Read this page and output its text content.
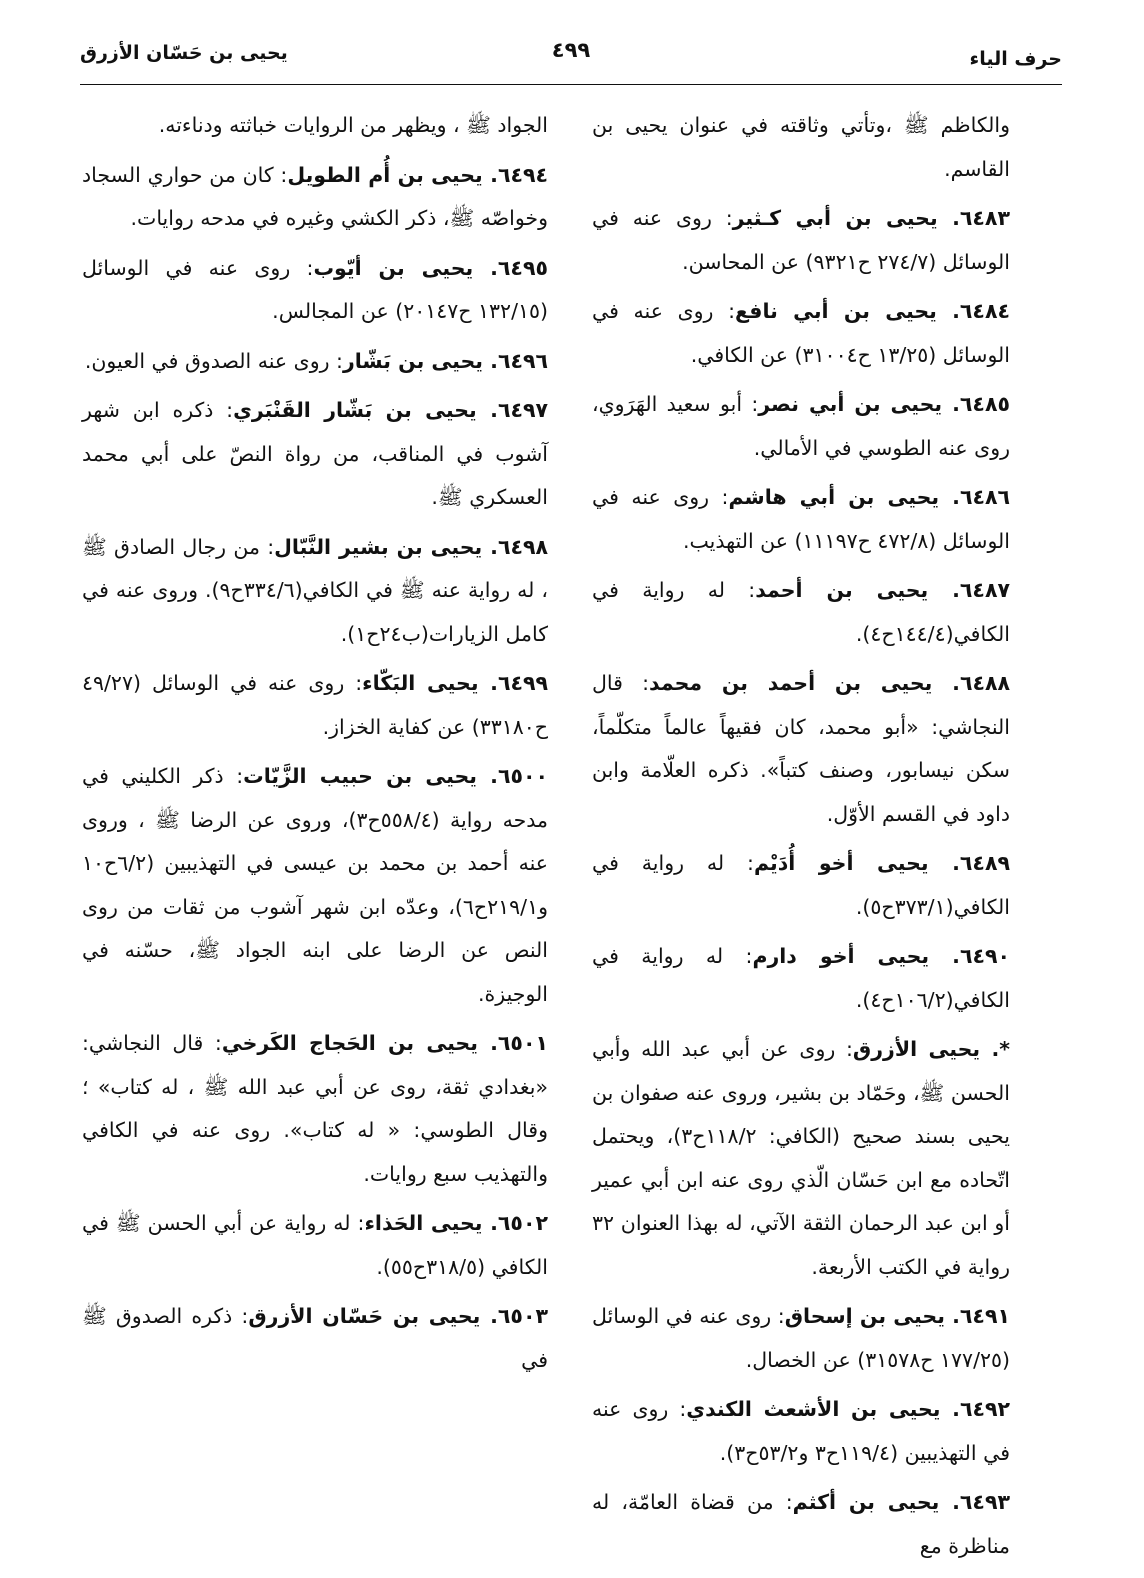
حرف الياء
٤٩٩
يحيى بن حَسّان الأزرق

والكاظم ﷺ ،وتأتي وثاقته في عنوان يحيى بن القاسم.

٦٤٨٣. يحيى بن أبي كـثير: روى عنه في الوسائل (٢٧٤/٧ ح٩٣٢١) عن المحاسن.

٦٤٨٤. يحيى بن أبي نافع: روى عنه في الوسائل (١٣/٢٥ ح٣١٠٠٤) عن الكافي.

٦٤٨٥. يحيى بن أبي نصر: أبو سعيد الهَرَوي، روى عنه الطوسي في الأمالي.

٦٤٨٦. يحيى بن أبي هاشم: روى عنه في الوسائل (٤٧٢/٨ ح١١١٩٧) عن التهذيب.

٦٤٨٧. يحيى بن أحمد: له رواية في الكافي(١٤٤/٤ح٤).

٦٤٨٨. يحيى بن أحمد بن محمد: قال النجاشي: «أبو محمد، كان فقيهاً عالماً متكلّماً، سكن نيسابور، وصنف كتباً». ذكره العلّامة وابن داود في القسم الأوّل.

٦٤٨٩. يحيى أخو أُدَيْم: له رواية في الكافي(٣٧٣/١ح٥).

٦٤٩٠. يحيى أخو دارم: له رواية في الكافي(١٠٦/٢ح٤).

*. يحيى الأزرق: روى عن أبي عبد الله وأبي الحسن ﷺ، وحَمّاد بن بشير، وروى عنه صفوان بن يحيى بسند صحيح (الكافي: ١١٨/٢ح٣)، ويحتمل اتّحاده مع ابن حَسّان الّذي روى عنه ابن أبي عمير أو ابن عبد الرحمان الثقة الآتي، له بهذا العنوان ٣٢ رواية في الكتب الأربعة.

٦٤٩١. يحيى بن إسحاق: روى عنه في الوسائل (١٧٧/٢٥ ح٣١٥٧٨) عن الخصال.

٦٤٩٢. يحيى بن الأشعث الكندي: روى عنه في التهذيبين (١١٩/٤ح٣ و٥٣/٢ح٣).

٦٤٩٣. يحيى بن أكثم: من قضاة العامّة، له مناظرة مع

الجواد ﷺ ، ويظهر من الروايات خباثته ودناءته.

٦٤٩٤. يحيى بن أُم الطويل: كان من حواري السجاد وخواصّه ﷺ، ذكر الكشي وغيره في مدحه روايات.

٦٤٩٥. يحيى بن أيّوب: روى عنه في الوسائل (١٣٢/١٥ ح٢٠١٤٧) عن المجالس.

٦٤٩٦. يحيى بن بَشّار: روى عنه الصدوق في العيون.

٦٤٩٧. يحيى بن بَشّار القَنْبَري: ذكره ابن شهر آشوب في المناقب، من رواة النصّ على أبي محمد العسكري ﷺ.

٦٤٩٨. يحيى بن بشير النَّبّال: من رجال الصادق ﷺ ، له رواية عنه ﷺ في الكافي(٣٣٤/٦ح٩). وروى عنه في كامل الزيارات(ب٢٤ح١).

٦٤٩٩. يحيى البَكّاء: روى عنه في الوسائل (٤٩/٢٧ ح٣٣١٨٠) عن كفاية الخزاز.

٦٥٠٠. يحيى بن حبيب الزَّيّات: ذكر الكليني في مدحه رواية (٥٥٨/٤ح٣)، وروى عن الرضا ﷺ ، وروى عنه أحمد بن محمد بن عيسى في التهذيبين (٦/٢ح١٠ و٢١٩/١ح٦)، وعدّه ابن شهر آشوب من ثقات من روى النص عن الرضا على ابنه الجواد ﷺ، حسّنه في الوجيزة.

٦٥٠١. يحيى بن الحَجاج الكَرخي: قال النجاشي: «بغدادي ثقة، روى عن أبي عبد الله ﷺ ، له كتاب» ؛وقال الطوسي: « له كتاب». روى عنه في الكافي والتهذيب سبع روايات.

٦٥٠٢. يحيى الحَذاء: له رواية عن أبي الحسن ﷺ في الكافي (٣١٨/٥ح٥٥).

٦٥٠٣. يحيى بن حَسّان الأزرق: ذكره الصدوق ﷺ في
